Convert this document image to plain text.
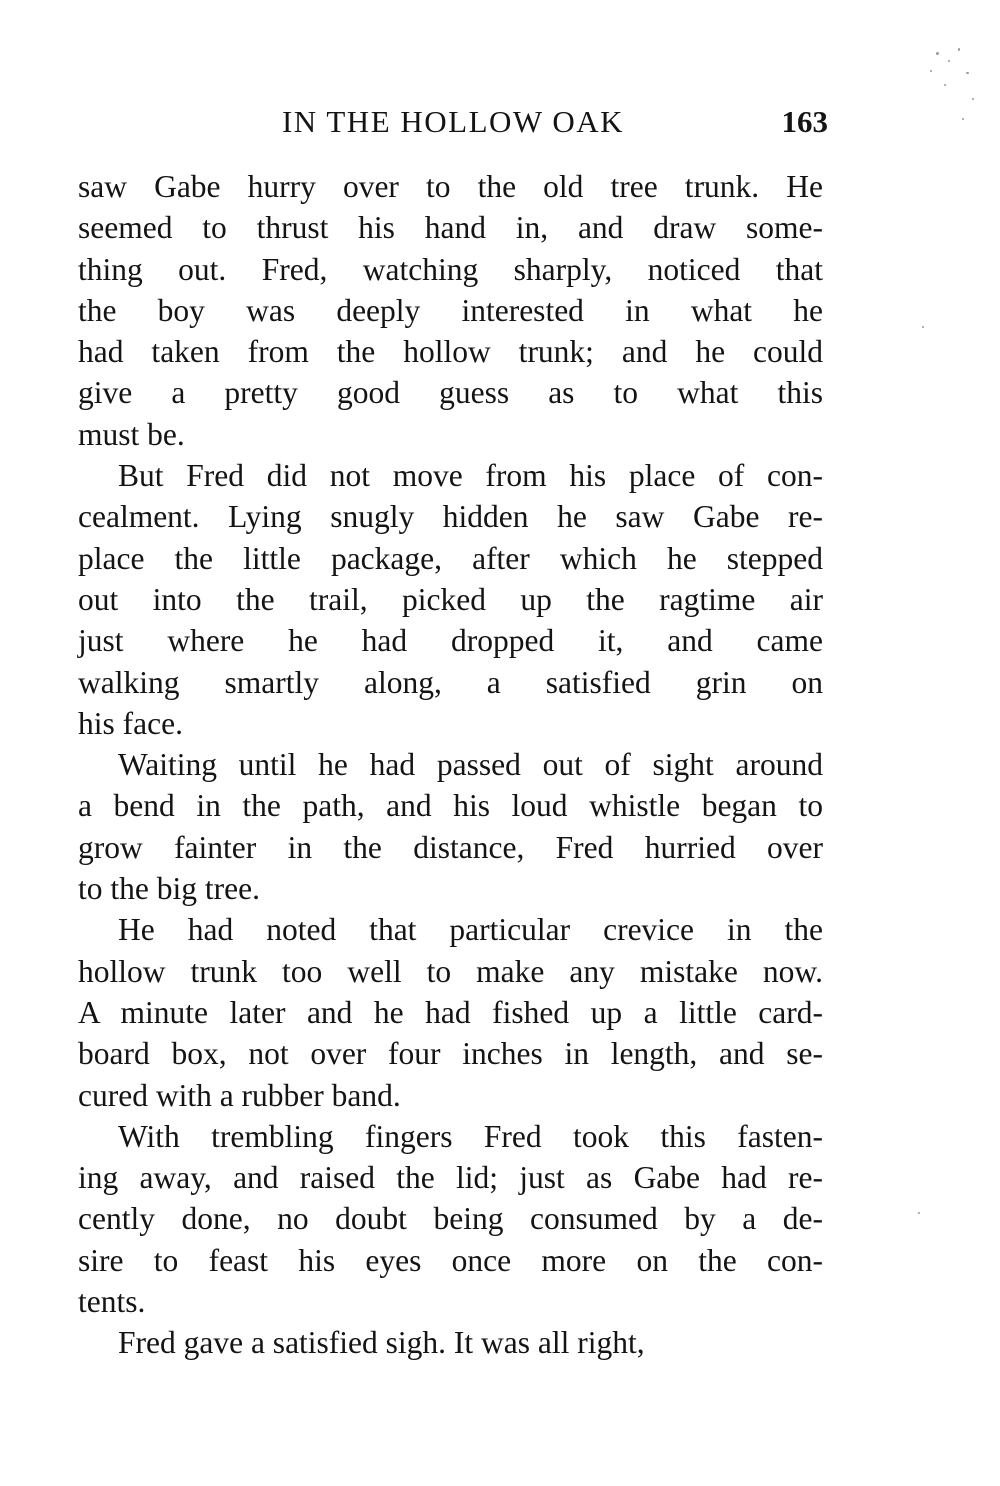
IN THE HOLLOW OAK	163
saw Gabe hurry over to the old tree trunk. He
seemed to thrust his hand in, and draw some-
thing out. Fred, watching sharply, noticed that
the boy was deeply interested in what he
had taken from the hollow trunk; and he could
give a pretty good guess as to what this
must be.
But Fred did not move from his place of con-
cealment. Lying snugly hidden he saw Gabe re-
place the little package, after which he stepped
out into the trail, picked up the ragtime air
just where he had dropped it, and came
walking smartly along, a satisfied grin on
his face.
Waiting until he had passed out of sight around
a bend in the path, and his loud whistle began to
grow fainter in the distance, Fred hurried over
to the big tree.
He had noted that particular crevice in the
hollow trunk too well to make any mistake now.
A minute later and he had fished up a little card-
board box, not over four inches in length, and se-
cured with a rubber band.
With trembling fingers Fred took this fasten-
ing away, and raised the lid; just as Gabe had re-
cently done, no doubt being consumed by a de-
sire to feast his eyes once more on the con-
tents.
Fred gave a satisfied sigh. It was all right,
